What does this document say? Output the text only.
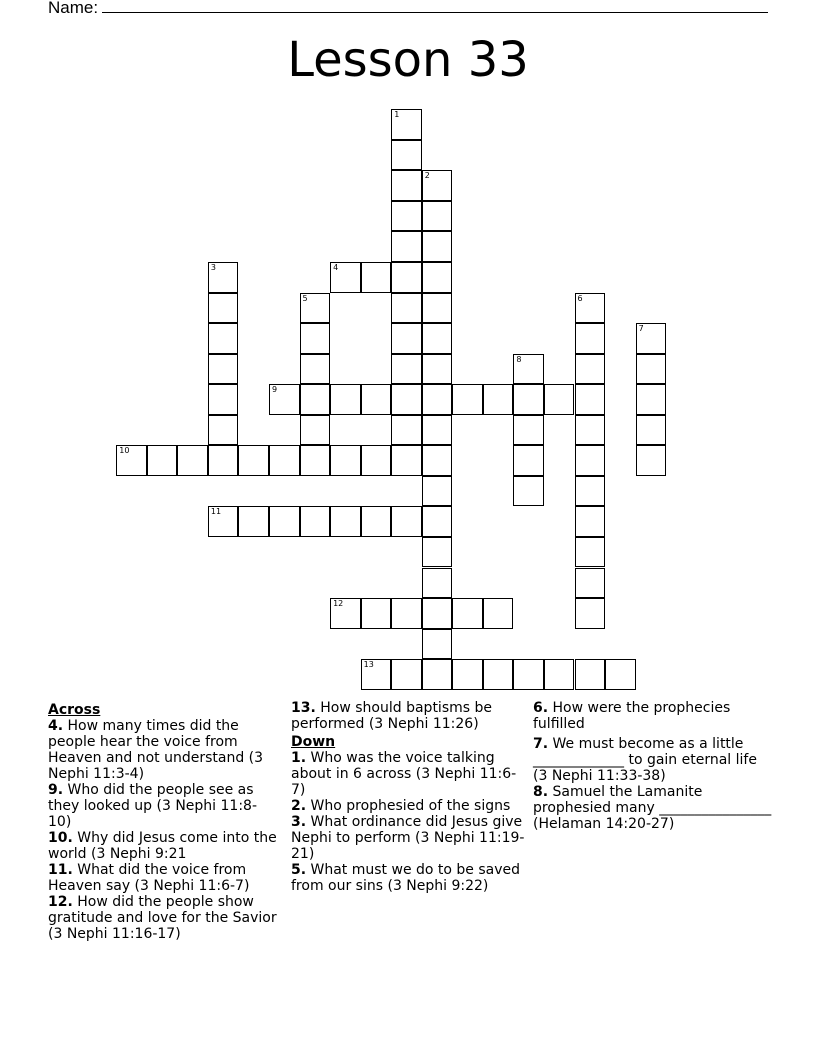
Name:
Lesson 33
1
2
3	4
5	6
7
8
9
10
11
12
13
Across
4. How many times did the people hear the voice from Heaven and not understand (3 Nephi 11:3-4)
9. Who did the people see as they looked up (3 Nephi 11:8-10)
10. Why did Jesus come into the world (3 Nephi 9:21
11. What did the voice from Heaven say (3 Nephi 11:6-7)
12. How did the people show gratitude and love for the Savior (3 Nephi 11:16-17)
13. How should baptisms be performed (3 Nephi 11:26)
Down
1. Who was the voice talking about in 6 across (3 Nephi 11:6-7)
2. Who prophesied of the signs
3. What ordinance did Jesus give Nephi to perform (3 Nephi 11:19-21)
5. What must we do to be saved from our sins (3 Nephi 9:22)
6. How were the prophecies fulfilled
7. We must become as a little _____________ to gain eternal life (3 Nephi 11:33-38)
8. Samuel the Lamanite prophesied many ________________ (Helaman 14:20-27)
